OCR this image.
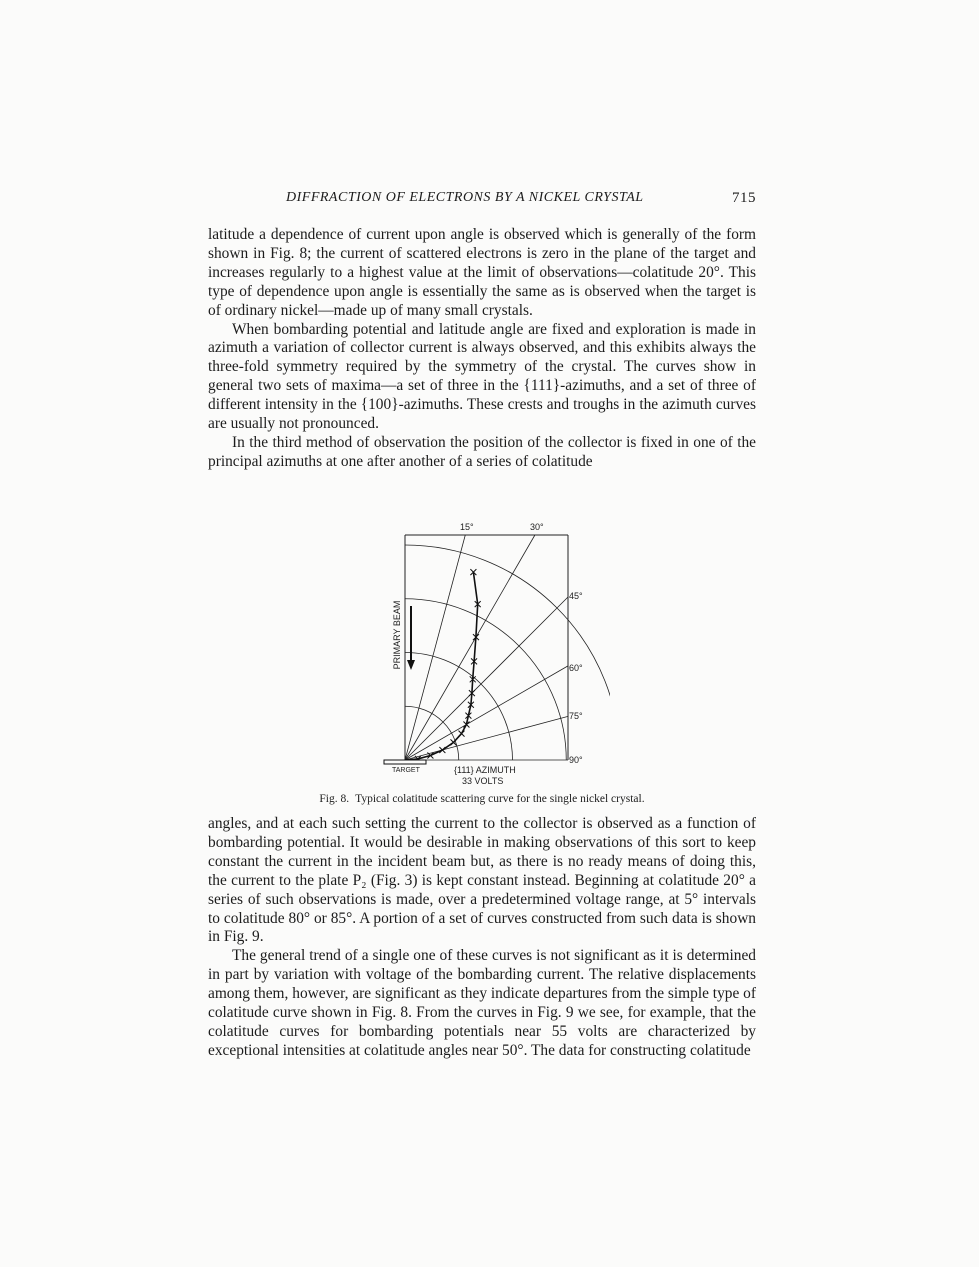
DIFFRACTION OF ELECTRONS BY A NICKEL CRYSTAL	715

latitude a dependence of current upon angle is observed which is generally of the form shown in Fig. 8; the current of scattered electrons is zero in the plane of the target and increases regularly to a highest value at the limit of observations—colatitude 20°. This type of dependence upon angle is essentially the same as is observed when the target is of ordinary nickel—made up of many small crystals.

When bombarding potential and latitude angle are fixed and exploration is made in azimuth a variation of collector current is always observed, and this exhibits always the three-fold symmetry required by the symmetry of the crystal. The curves show in general two sets of maxima—a set of three in the {111}-azimuths, and a set of three of different intensity in the {100}-azimuths. These crests and troughs in the azimuth curves are usually not pronounced.

In the third method of observation the position of the collector is fixed in one of the principal azimuths at one after another of a series of colatitude

15°	30°
45°
60°
75°
90°
PRIMARY BEAM
TARGET	{111} AZIMUTH
33 VOLTS
Fig. 8. Typical colatitude scattering curve for the single nickel crystal.

angles, and at each such setting the current to the collector is observed as a function of bombarding potential. It would be desirable in making observations of this sort to keep constant the current in the incident beam but, as there is no ready means of doing this, the current to the plate P₂ (Fig. 3) is kept constant instead. Beginning at colatitude 20° a series of such observations is made, over a predetermined voltage range, at 5° intervals to colatitude 80° or 85°. A portion of a set of curves constructed from such data is shown in Fig. 9.

The general trend of a single one of these curves is not significant as it is determined in part by variation with voltage of the bombarding current. The relative displacements among them, however, are significant as they indicate departures from the simple type of colatitude curve shown in Fig. 8. From the curves in Fig. 9 we see, for example, that the colatitude curves for bombarding potentials near 55 volts are characterized by exceptional intensities at colatitude angles near 50°. The data for constructing colatitude
